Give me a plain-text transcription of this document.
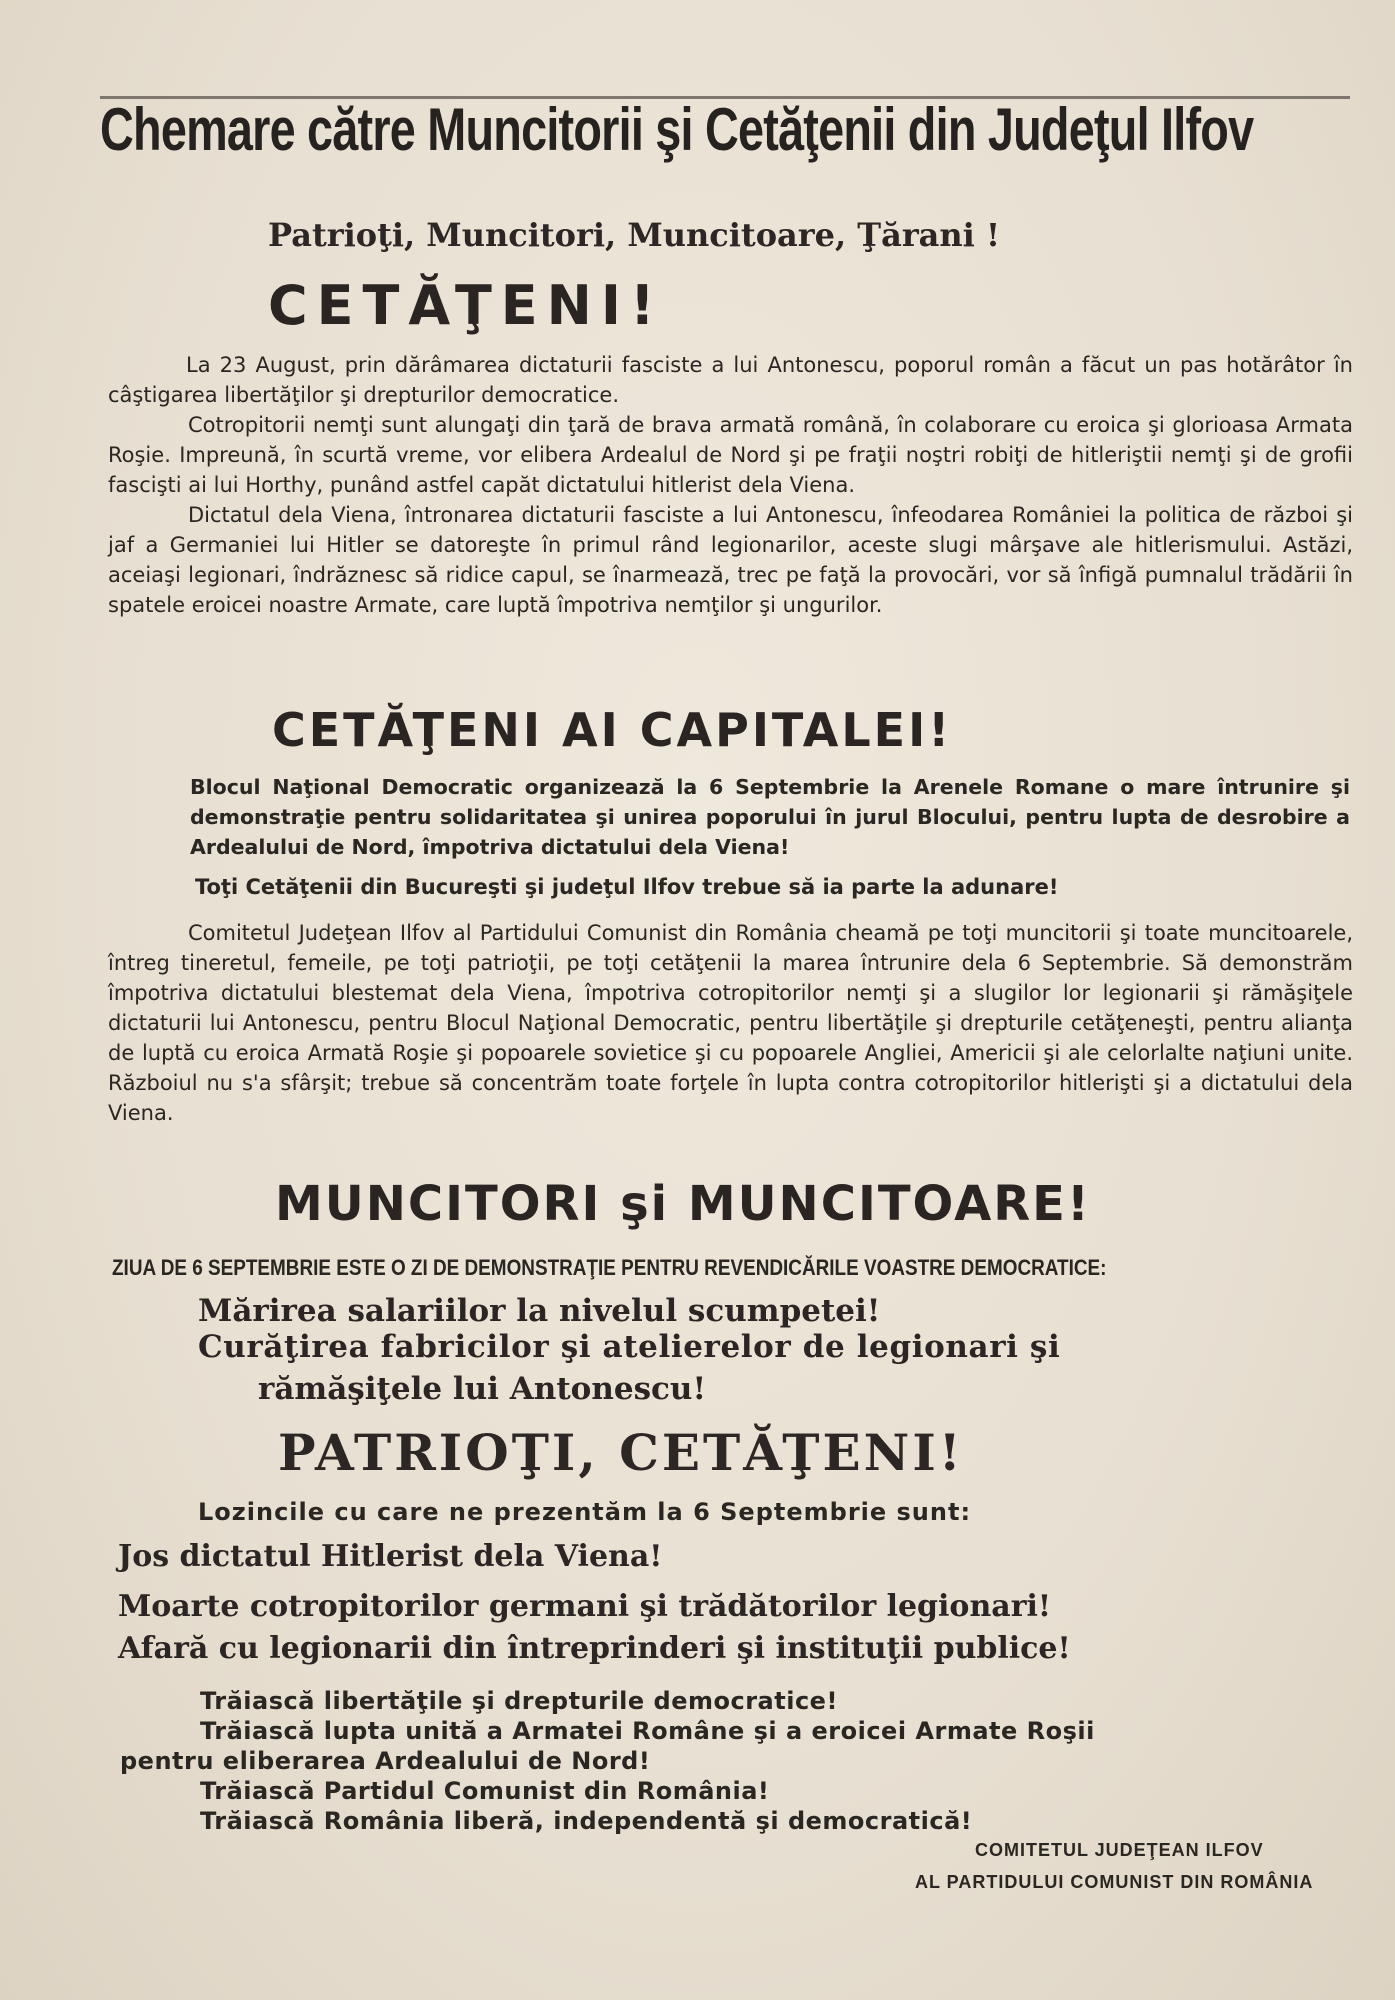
Chemare către Muncitorii şi Cetăţenii din Judeţul Ilfov
Patrioţi, Muncitori, Muncitoare, Ţărani !
CETĂŢENI!

La 23 August, prin dărâmarea dictaturii fasciste a lui Antonescu, poporul român a făcut un pas hotărâtor în câştigarea libertăţilor şi drepturilor democratice.

Cotropitorii nemţi sunt alungaţi din ţară de brava armată română, în colaborare cu eroica şi glorioasa Armata Roşie. Impreună, în scurtă vreme, vor elibera Ardealul de Nord şi pe fraţii noştri robiţi de hitleriştii nemţi şi de grofii fascişti ai lui Horthy, punând astfel capăt dictatului hitlerist dela Viena.

Dictatul dela Viena, întronarea dictaturii fasciste a lui Antonescu, înfeodarea României la politica de război şi jaf a Germaniei lui Hitler se datoreşte în primul rând legionarilor, aceste slugi mârşave ale hitlerismului. Astăzi, aceiaşi legionari, îndrăznesc să ridice capul, se înarmează, trec pe faţă la provocări, vor să înfigă pumnalul trădării în spatele eroicei noastre Armate, care luptă împotriva nemţilor şi ungurilor.

CETĂŢENI AI CAPITALEI!
Blocul Naţional Democratic organizează la 6 Septembrie la Arenele Romane o mare întrunire şi demonstraţie pentru solidaritatea şi unirea poporului în jurul Blocului, pentru lupta de desrobire a Ardealului de Nord, împotriva dictatului dela Viena!
Toţi Cetăţenii din Bucureşti şi judeţul Ilfov trebue să ia parte la adunare!

Comitetul Judeţean Ilfov al Partidului Comunist din România cheamă pe toţi muncitorii şi toate muncitoarele, întreg tineretul, femeile, pe toţi patrioţii, pe toţi cetăţenii la marea întrunire dela 6 Septembrie. Să demonstrăm împotriva dictatului blestemat dela Viena, împotriva cotropitorilor nemţi şi a slugilor lor legionarii şi rămăşiţele dictaturii lui Antonescu, pentru Blocul Naţional Democratic, pentru libertăţile şi drepturile cetăţeneşti, pentru alianţa de luptă cu eroica Armată Roşie şi popoarele sovietice şi cu popoarele Angliei, Americii şi ale celorlalte naţiuni unite. Războiul nu s'a sfârşit; trebue să concentrăm toate forţele în lupta contra cotropitorilor hitlerişti şi a dictatului dela Viena.

MUNCITORI şi MUNCITOARE!
ZIUA DE 6 SEPTEMBRIE ESTE O ZI DE DEMONSTRAŢIE PENTRU REVENDICĂRILE VOASTRE DEMOCRATICE:
Mărirea salariilor la nivelul scumpetei!
Curăţirea fabricilor şi atelierelor de legionari şi
rămăşiţele lui Antonescu!
PATRIOŢI, CETĂŢENI!
Lozincile cu care ne prezentăm la 6 Septembrie sunt:
Jos dictatul Hitlerist dela Viena!
Moarte cotropitorilor germani şi trădătorilor legionari!
Afară cu legionarii din întreprinderi şi instituţii publice!

Trăiască libertăţile şi drepturile democratice!

Trăiască lupta unită a Armatei Române şi a eroicei Armate Roşii

pentru eliberarea Ardealului de Nord!

Trăiască Partidul Comunist din România!

Trăiască România liberă, independentă şi democratică!

COMITETUL JUDEŢEAN ILFOV
AL PARTIDULUI COMUNIST DIN ROMÂNIA
